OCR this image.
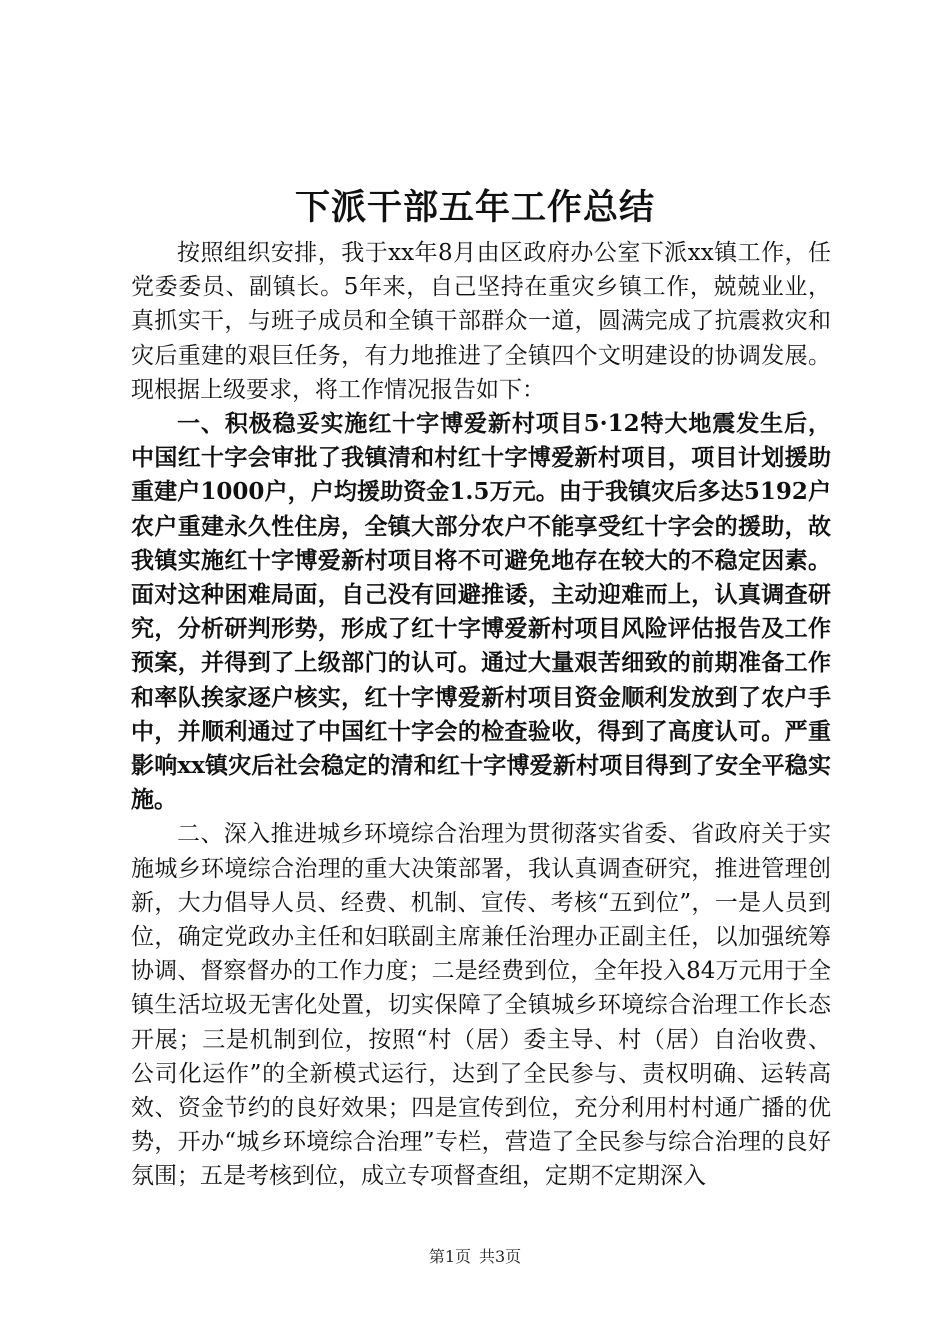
下派干部五年工作总结

按照组织安排，我于xx年8月由区政府办公室下派xx镇工作，任党委委员、副镇长。5年来，自己坚持在重灾乡镇工作，兢兢业业，真抓实干，与班子成员和全镇干部群众一道，圆满完成了抗震救灾和灾后重建的艰巨任务，有力地推进了全镇四个文明建设的协调发展。现根据上级要求，将工作情况报告如下：

一、积极稳妥实施红十字博爱新村项目5·12特大地震发生后，中国红十字会审批了我镇清和村红十字博爱新村项目，项目计划援助重建户1000户，户均援助资金1.5万元。由于我镇灾后多达5192户农户重建永久性住房，全镇大部分农户不能享受红十字会的援助，故我镇实施红十字博爱新村项目将不可避免地存在较大的不稳定因素。面对这种困难局面，自己没有回避推诿，主动迎难而上，认真调查研究，分析研判形势，形成了红十字博爱新村项目风险评估报告及工作预案，并得到了上级部门的认可。通过大量艰苦细致的前期准备工作和率队挨家逐户核实，红十字博爱新村项目资金顺利发放到了农户手中，并顺利通过了中国红十字会的检查验收，得到了高度认可。严重影响xx镇灾后社会稳定的清和红十字博爱新村项目得到了安全平稳实施。

二、深入推进城乡环境综合治理为贯彻落实省委、省政府关于实施城乡环境综合治理的重大决策部署，我认真调查研究，推进管理创新，大力倡导人员、经费、机制、宣传、考核“五到位”，一是人员到位，确定党政办主任和妇联副主席兼任治理办正副主任，以加强统筹协调、督察督办的工作力度；二是经费到位，全年投入84万元用于全镇生活垃圾无害化处置，切实保障了全镇城乡环境综合治理工作长态开展；三是机制到位，按照“村（居）委主导、村（居）自治收费、公司化运作”的全新模式运行，达到了全民参与、责权明确、运转高效、资金节约的良好效果；四是宣传到位，充分利用村村通广播的优势，开办“城乡环境综合治理”专栏，营造了全民参与综合治理的良好氛围；五是考核到位，成立专项督查组，定期不定期深入

第1页 共3页
